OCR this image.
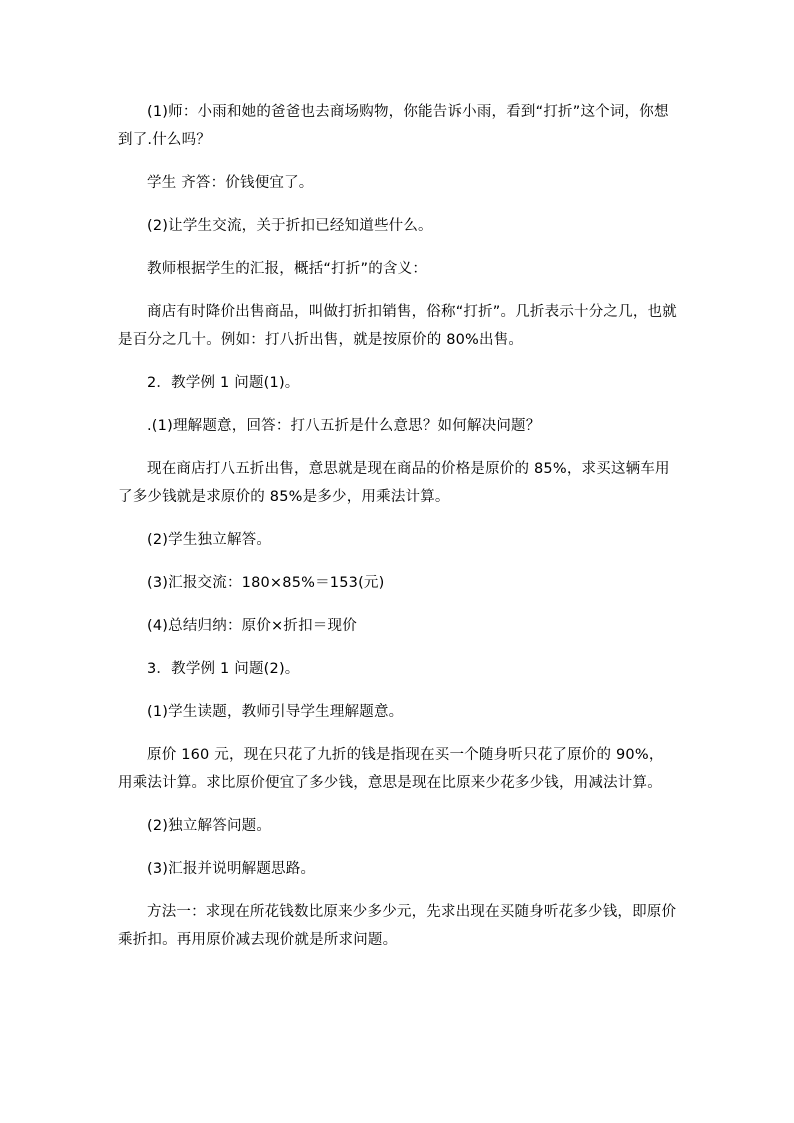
(1)师：小雨和她的爸爸也去商场购物，你能告诉小雨，看到“打折”这个词，你想到了.什么吗？

学生 齐答：价钱便宜了。

(2)让学生交流，关于折扣已经知道些什么。

教师根据学生的汇报，概括“打折”的含义：

商店有时降价出售商品，叫做打折扣销售，俗称“打折”。几折表示十分之几，也就是百分之几十。例如：打八折出售，就是按原价的 80%出售。

2．教学例 1 问题(1)。

.(1)理解题意，回答：打八五折是什么意思？如何解决问题？

现在商店打八五折出售，意思就是现在商品的价格是原价的 85%，求买这辆车用了多少钱就是求原价的 85%是多少，用乘法计算。

(2)学生独立解答。

(3)汇报交流：180×85%＝153(元)

(4)总结归纳：原价×折扣＝现价

3．教学例 1 问题(2)。

(1)学生读题，教师引导学生理解题意。

原价 160 元，现在只花了九折的钱是指现在买一个随身听只花了原价的 90%，用乘法计算。求比原价便宜了多少钱，意思是现在比原来少花多少钱，用减法计算。

(2)独立解答问题。

(3)汇报并说明解题思路。

方法一：求现在所花钱数比原来少多少元，先求出现在买随身听花多少钱，即原价乘折扣。再用原价减去现价就是所求问题。
